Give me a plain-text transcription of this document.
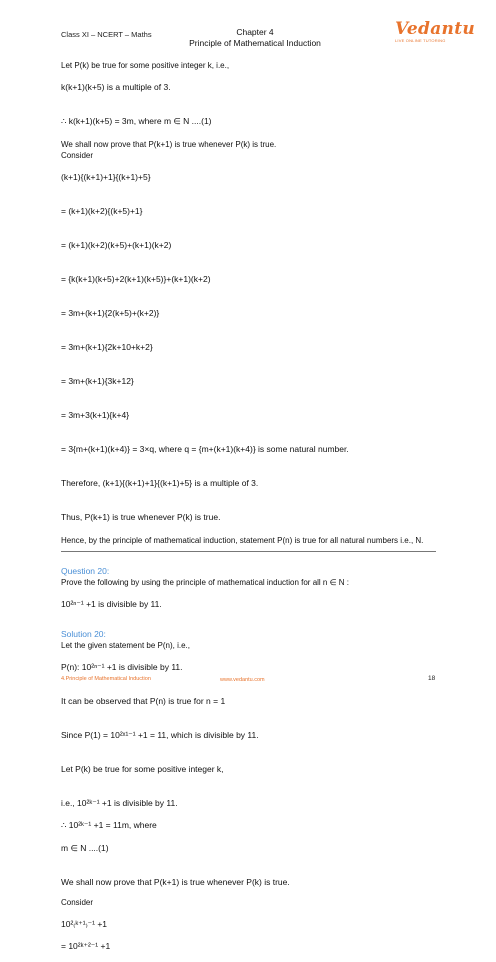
Class XI – NCERT – Maths	Chapter 4
Principle of Mathematical Induction
Vedantu
LIVE ONLINE TUTORING

Let P(k) be true for some positive integer k, i.e.,

k(k+1)(k+5) is a multiple of 3.

∴ k(k+1)(k+5) = 3m, where m ∈ N ....(1)

We shall now prove that P(k+1) is true whenever P(k) is true.

Consider

(k+1){(k+1)+1}{(k+1)+5}

= (k+1)(k+2){(k+5)+1}

= (k+1)(k+2)(k+5)+(k+1)(k+2)

= {k(k+1)(k+5)+2(k+1)(k+5)}+(k+1)(k+2)

= 3m+(k+1){2(k+5)+(k+2)}

= 3m+(k+1){2k+10+k+2}

= 3m+(k+1){3k+12}

= 3m+3(k+1){k+4}

= 3{m+(k+1)(k+4)} = 3×q, where q = {m+(k+1)(k+4)} is some natural number.

Therefore, (k+1){(k+1)+1}{(k+1)+5} is a multiple of 3.

Thus, P(k+1) is true whenever P(k) is true.

Hence, by the principle of mathematical induction, statement P(n) is true for all natural numbers i.e., N.

Question 20:

Prove the following by using the principle of mathematical induction for all n ∈ N :

10²ⁿ⁻¹ +1 is divisible by 11.

Solution 20:

Let the given statement be P(n), i.e.,

P(n): 10²ⁿ⁻¹ +1 is divisible by 11.

It can be observed that P(n) is true for n = 1

Since P(1) = 10²ˣ¹⁻¹ +1 = 11, which is divisible by 11.

Let P(k) be true for some positive integer k,

i.e., 10²ᵏ⁻¹ +1 is divisible by 11.

∴ 10²ᵏ⁻¹ +1 = 11m, where

m ∈ N ....(1)

We shall now prove that P(k+1) is true whenever P(k) is true.

Consider

10²₍ᵏ⁺¹₎⁻¹ +1

= 10²ᵏ⁺²⁻¹ +1

4.Principle of Mathematical Induction	www.vedantu.com	18
